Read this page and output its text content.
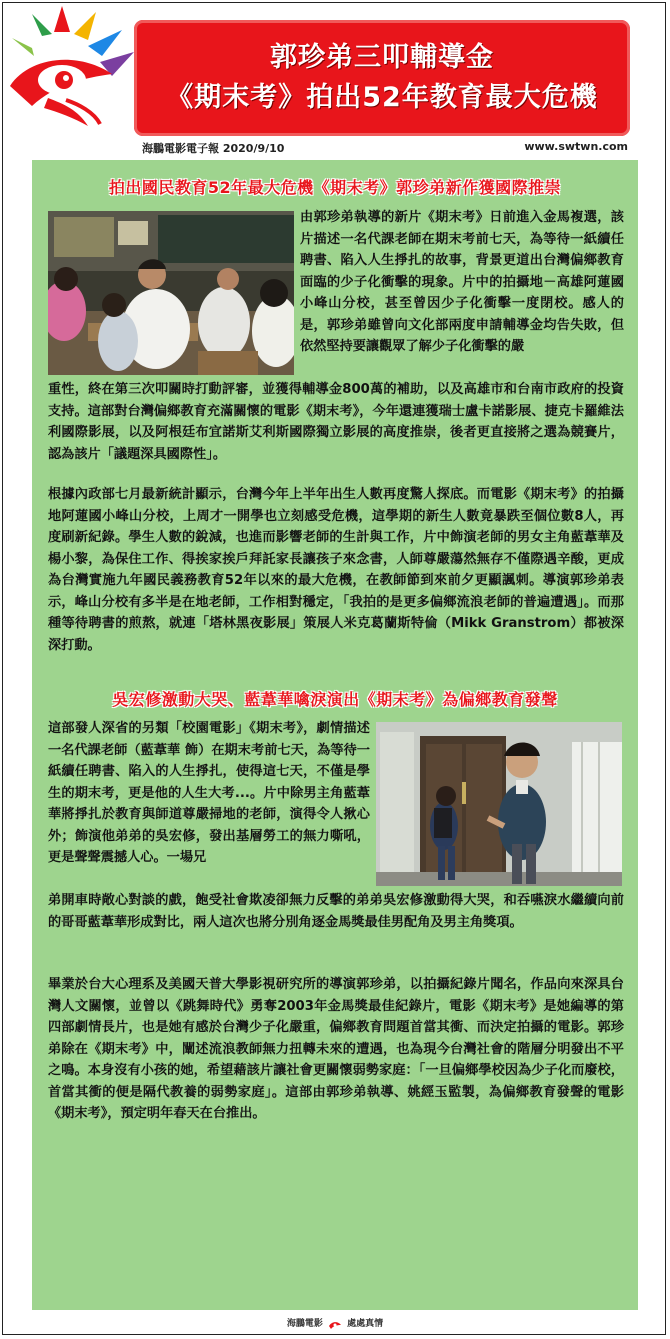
郭珍弟三叩輔導金
《期末考》拍出52年教育最大危機
海鵬電影電子報 2020/9/10	www.swtwn.com
拍出國民教育52年最大危機《期末考》郭珍弟新作獲國際推崇

由郭珍弟執導的新片《期末考》日前進入金馬複選，該片描述一名代課老師在期末考前七天，為等待一紙續任聘書、陷入人生掙扎的故事，背景更道出台灣偏鄉教育面臨的少子化衝擊的現象。片中的拍攝地－高雄阿蓮國小峰山分校，甚至曾因少子化衝擊一度閉校。感人的是，郭珍弟雖曾向文化部兩度申請輔導金均告失敗，但依然堅持要讓觀眾了解少子化衝擊的嚴

重性，終在第三次叩關時打動評審，並獲得輔導金800萬的補助，以及高雄市和台南市政府的投資支持。這部對台灣偏鄉教育充滿關懷的電影《期末考》，今年還連獲瑞士盧卡諾影展、捷克卡羅維法利國際影展，以及阿根廷布宜諾斯艾利斯國際獨立影展的高度推崇，後者更直接將之選為競賽片，認為該片「議題深具國際性」。

根據內政部七月最新統計顯示，台灣今年上半年出生人數再度驚人探底。而電影《期末考》的拍攝地阿蓮國小峰山分校，上周才一開學也立刻感受危機，這學期的新生人數竟暴跌至個位數8人，再度刷新紀錄。學生人數的銳減，也進而影響老師的生計與工作，片中飾演老師的男女主角藍葦華及楊小黎，為保住工作、得挨家挨戶拜託家長讓孩子來念書，人師尊嚴蕩然無存不僅際遇辛酸，更成為台灣實施九年國民義務教育52年以來的最大危機，在教師節到來前夕更顯諷刺。導演郭珍弟表示，峰山分校有多半是在地老師，工作相對穩定，「我拍的是更多偏鄉流浪老師的普遍遭遇」。而那種等待聘書的煎熬，就連「塔林黑夜影展」策展人米克葛蘭斯特倫（Mikk Granstrom）都被深深打動。

吳宏修激動大哭、藍葦華噙淚演出《期末考》為偏鄉教育發聲

這部發人深省的另類「校園電影」《期末考》，劇情描述一名代課老師（藍葦華 飾）在期末考前七天，為等待一紙續任聘書、陷入的人生掙扎，使得這七天，不僅是學生的期末考，更是他的人生大考...。片中除男主角藍葦華將掙扎於教育與師道尊嚴掃地的老師，演得令人揪心外；飾演他弟弟的吳宏修，發出基層勞工的無力嘶吼，更是聲聲震撼人心。一場兄

弟開車時敞心對談的戲，飽受社會欺凌卻無力反擊的弟弟吳宏修激動得大哭，和吞嚥淚水繼續向前的哥哥藍葦華形成對比，兩人這次也將分別角逐金馬獎最佳男配角及男主角獎項。

畢業於台大心理系及美國天普大學影視研究所的導演郭珍弟，以拍攝紀錄片聞名，作品向來深具台灣人文關懷，並曾以《跳舞時代》勇奪2003年金馬獎最佳紀錄片，電影《期末考》是她編導的第四部劇情長片，也是她有感於台灣少子化嚴重，偏鄉教育問題首當其衝、而決定拍攝的電影。郭珍弟除在《期末考》中，闡述流浪教師無力扭轉未來的遭遇，也為現今台灣社會的階層分明發出不平之鳴。本身沒有小孩的她，希望藉該片讓社會更關懷弱勢家庭：「一旦偏鄉學校因為少子化而廢校，首當其衝的便是隔代教養的弱勢家庭」。這部由郭珍弟執導、姚經玉監製，為偏鄉教育發聲的電影《期末考》，預定明年春天在台推出。

海鵬電影	處處真情
